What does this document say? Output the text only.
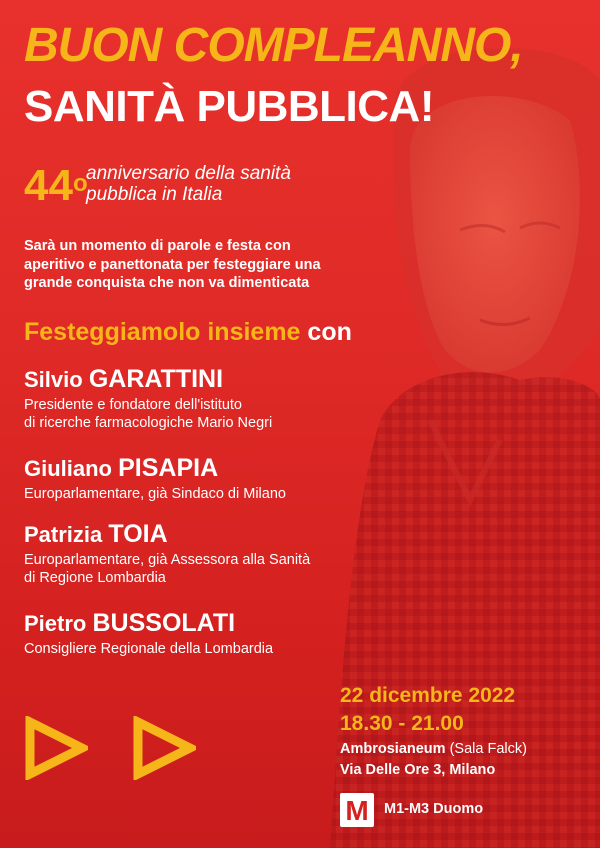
BUON COMPLEANNO,
SANITÀ PUBBLICA!
44$^o$
anniversario della sanità
pubblica in Italia
Sarà un momento di parole e festa con
aperitivo e panettonata per festeggiare una
grande conquista che non va dimenticata
Festeggiamolo insieme con
Silvio GARATTINI
Presidente e fondatore dell'istituto
di ricerche farmacologiche Mario Negri
Giuliano PISAPIA
Europarlamentare, già Sindaco di Milano
Patrizia TOIA
Europarlamentare, già Assessora alla Sanità
di Regione Lombardia
Pietro BUSSOLATI
Consigliere Regionale della Lombardia
22 dicembre 2022
18.30 - 21.00
Ambrosianeum (Sala Falck)
Via Delle Ore 3, Milano
M	M1-M3 Duomo
